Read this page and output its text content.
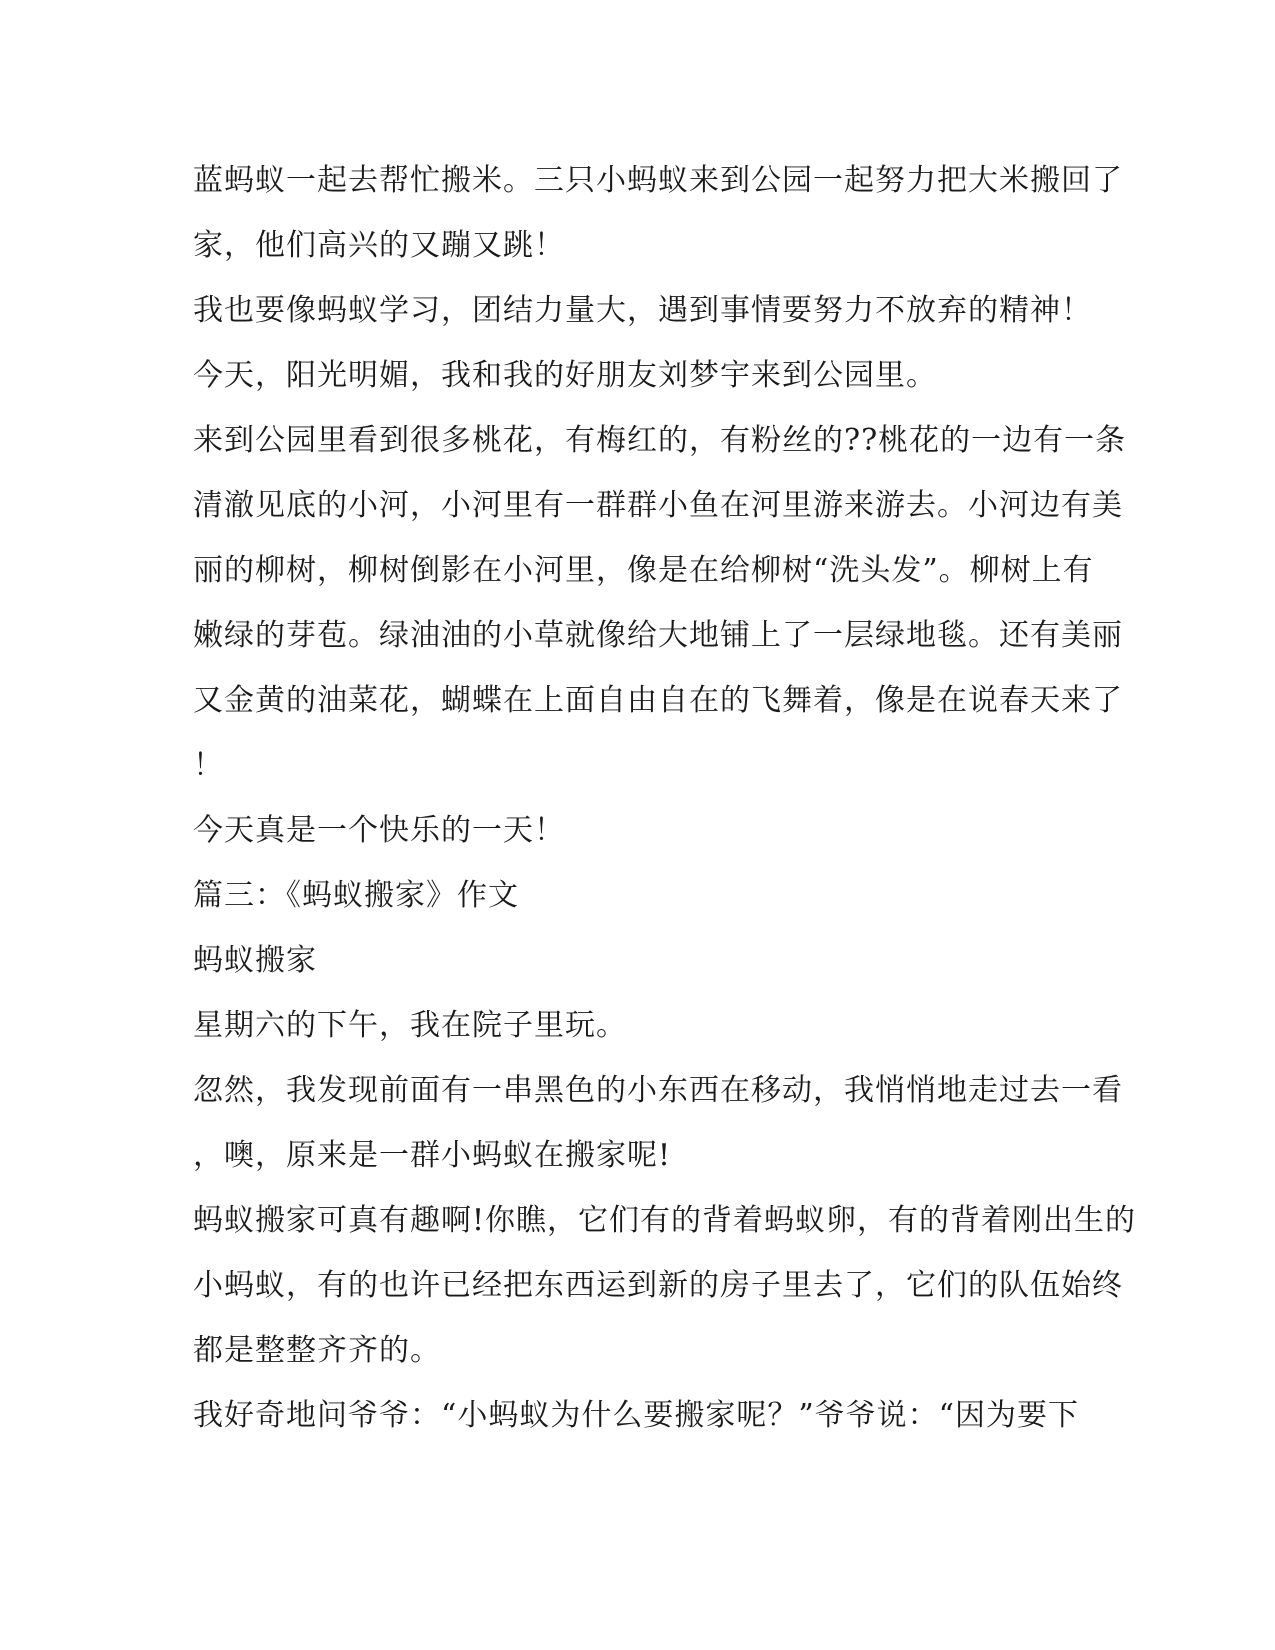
蓝蚂蚁一起去帮忙搬米。三只小蚂蚁来到公园一起努力把大米搬回了
家，他们高兴的又蹦又跳！
我也要像蚂蚁学习，团结力量大，遇到事情要努力不放弃的精神！
今天，阳光明媚，我和我的好朋友刘梦宇来到公园里。
来到公园里看到很多桃花，有梅红的，有粉丝的??桃花的一边有一条
清澈见底的小河，小河里有一群群小鱼在河里游来游去。小河边有美
丽的柳树，柳树倒影在小河里，像是在给柳树“洗头发”。柳树上有
嫩绿的芽苞。绿油油的小草就像给大地铺上了一层绿地毯。还有美丽
又金黄的油菜花，蝴蝶在上面自由自在的飞舞着，像是在说春天来了
！
今天真是一个快乐的一天！
篇三：《蚂蚁搬家》作文
蚂蚁搬家
星期六的下午，我在院子里玩。
忽然，我发现前面有一串黑色的小东西在移动，我悄悄地走过去一看
，噢，原来是一群小蚂蚁在搬家呢!
蚂蚁搬家可真有趣啊!你瞧，它们有的背着蚂蚁卵，有的背着刚出生的
小蚂蚁，有的也许已经把东西运到新的房子里去了，它们的队伍始终
都是整整齐齐的。
我好奇地问爷爷：“小蚂蚁为什么要搬家呢？”爷爷说：“因为要下
